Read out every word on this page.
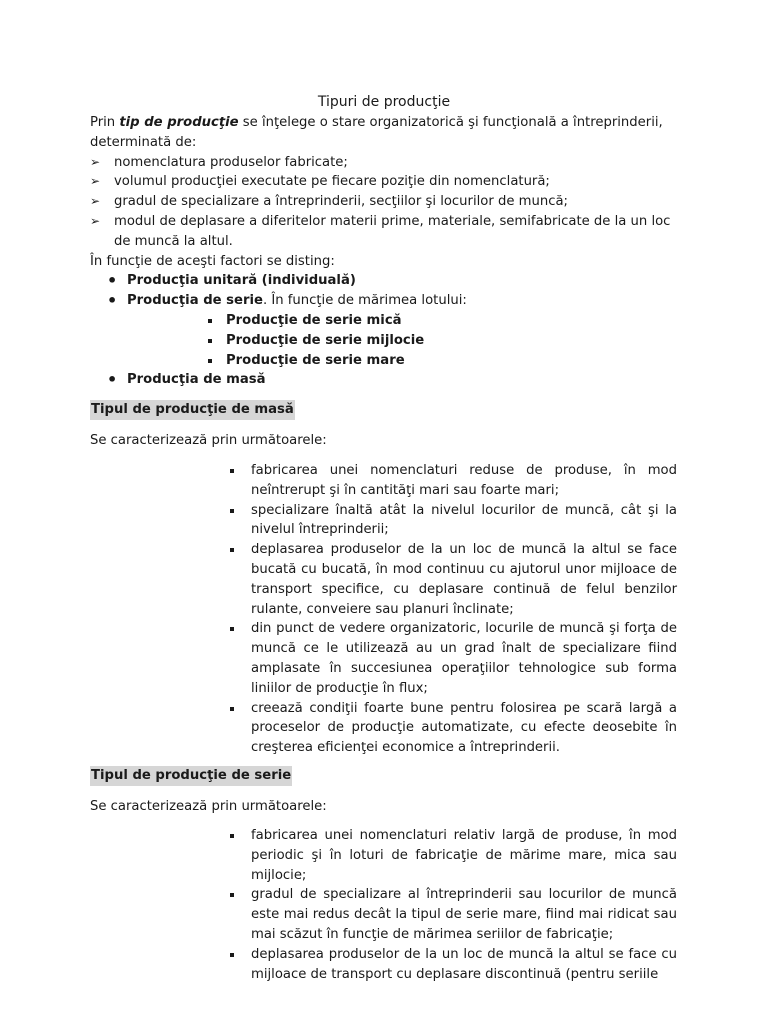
Tipuri de producţie

Prin tip de producţie se înţelege o stare organizatorică şi funcţională a întreprinderii, determinată de:

➢ nomenclatura produselor fabricate;
➢ volumul producţiei executate pe fiecare poziţie din nomenclatură;
➢ gradul de specializare a întreprinderii, secţiilor şi locurilor de muncă;
➢ modul de deplasare a diferitelor materii prime, materiale, semifabricate de la un loc de muncă la altul.

În funcţie de aceşti factori se disting:

• Producţia unitară (individuală)
• Producţia de serie. În funcţie de mărimea lotului:
Producţie de serie mică
Producţie de serie mijlocie
Producţie de serie mare
• Producţia de masă
Tipul de producţie de masă
Se caracterizează prin următoarele:
fabricarea unei nomenclaturi reduse de produse, în mod neîntrerupt şi în cantităţi mari sau foarte mari;
specializare înaltă atât la nivelul locurilor de muncă, cât şi la nivelul întreprinderii;
deplasarea produselor de la un loc de muncă la altul se face bucată cu bucată, în mod continuu cu ajutorul unor mijloace de transport specifice, cu deplasare continuă de felul benzilor rulante, conveiere sau planuri înclinate;
din punct de vedere organizatoric, locurile de muncă şi forţa de muncă ce le utilizează au un grad înalt de specializare fiind amplasate în succesiunea operaţiilor tehnologice sub forma liniilor de producţie în flux;
creează condiţii foarte bune pentru folosirea pe scară largă a proceselor de producţie automatizate, cu efecte deosebite în creşterea eficienţei economice a întreprinderii.
Tipul de producţie de serie
Se caracterizează prin următoarele:
fabricarea unei nomenclaturi relativ largă de produse, în mod periodic şi în loturi de fabricaţie de mărime mare, mica sau mijlocie;
gradul de specializare al întreprinderii sau locurilor de muncă este mai redus decât la tipul de serie mare, fiind mai ridicat sau mai scăzut în funcţie de mărimea seriilor de fabricaţie;
deplasarea produselor de la un loc de muncă la altul se face cu mijloace de transport cu deplasare discontinuă (pentru seriile
